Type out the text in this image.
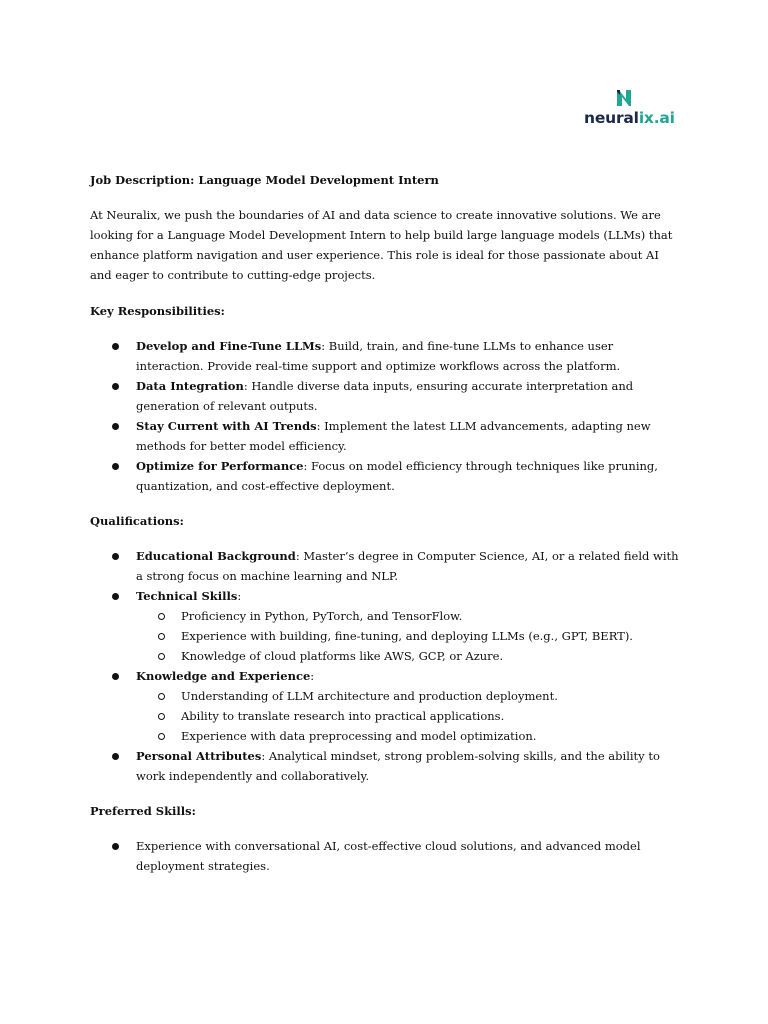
neuralix.ai

Job Description: Language Model Development Intern

At Neuralix, we push the boundaries of AI and data science to create innovative solutions. We are looking for a Language Model Development Intern to help build large language models (LLMs) that enhance platform navigation and user experience. This role is ideal for those passionate about AI and eager to contribute to cutting-edge projects.

Key Responsibilities:

Develop and Fine-Tune LLMs: Build, train, and fine-tune LLMs to enhance user interaction. Provide real-time support and optimize workflows across the platform.
Data Integration: Handle diverse data inputs, ensuring accurate interpretation and generation of relevant outputs.
Stay Current with AI Trends: Implement the latest LLM advancements, adapting new methods for better model efficiency.
Optimize for Performance: Focus on model efficiency through techniques like pruning, quantization, and cost-effective deployment.

Qualifications:

Educational Background: Master’s degree in Computer Science, AI, or a related field with a strong focus on machine learning and NLP.
Technical Skills:
Proficiency in Python, PyTorch, and TensorFlow.
Experience with building, fine-tuning, and deploying LLMs (e.g., GPT, BERT).
Knowledge of cloud platforms like AWS, GCP, or Azure.
Knowledge and Experience:
Understanding of LLM architecture and production deployment.
Ability to translate research into practical applications.
Experience with data preprocessing and model optimization.
Personal Attributes: Analytical mindset, strong problem-solving skills, and the ability to work independently and collaboratively.

Preferred Skills:

Experience with conversational AI, cost-effective cloud solutions, and advanced model deployment strategies.
